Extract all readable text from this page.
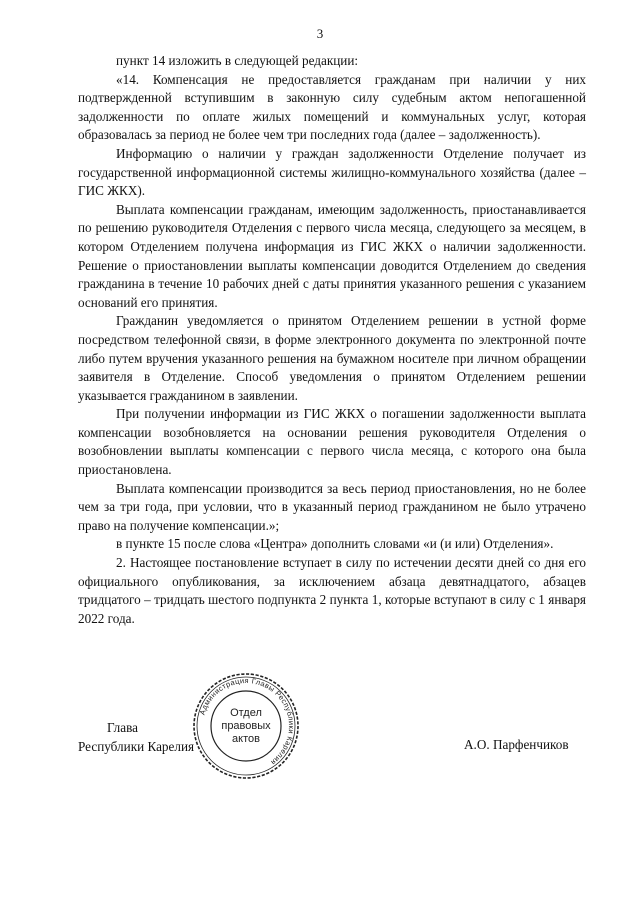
3

пункт 14 изложить в следующей редакции:

«14. Компенсация не предоставляется гражданам при наличии у них подтвержденной вступившим в законную силу судебным актом непогашенной задолженности по оплате жилых помещений и коммунальных услуг, которая образовалась за период не более чем три последних года (далее – задолженность).

Информацию о наличии у граждан задолженности Отделение получает из государственной информационной системы жилищно-коммунального хозяйства (далее – ГИС ЖКХ).

Выплата компенсации гражданам, имеющим задолженность, приостанавливается по решению руководителя Отделения с первого числа месяца, следующего за месяцем, в котором Отделением получена информация из ГИС ЖКХ о наличии задолженности. Решение о приостановлении выплаты компенсации доводится Отделением до сведения гражданина в течение 10 рабочих дней с даты принятия указанного решения с указанием оснований его принятия.

Гражданин уведомляется о принятом Отделением решении в устной форме посредством телефонной связи, в форме электронного документа по электронной почте либо путем вручения указанного решения на бумажном носителе при личном обращении заявителя в Отделение. Способ уведомления о принятом Отделением решении указывается гражданином в заявлении.

При получении информации из ГИС ЖКХ о погашении задолженности выплата компенсации возобновляется на основании решения руководителя Отделения о возобновлении выплаты компенсации с первого числа месяца, с которого она была приостановлена.

Выплата компенсации производится за весь период приостановления, но не более чем за три года, при условии, что в указанный период гражданином не было утрачено право на получение компенсации.»;

в пункте 15 после слова «Центра» дополнить словами «и (и или) Отделения».

2. Настоящее постановление вступает в силу по истечении десяти дней со дня его официального опубликования, за исключением абзаца девятнадцатого, абзацев тридцатого – тридцать шестого подпункта 2 пункта 1, которые вступают в силу с 1 января 2022 года.

Администрация Главы Республики Карелия
Отдел
правовых
актов
Глава
Республики Карелия	А.О. Парфенчиков
